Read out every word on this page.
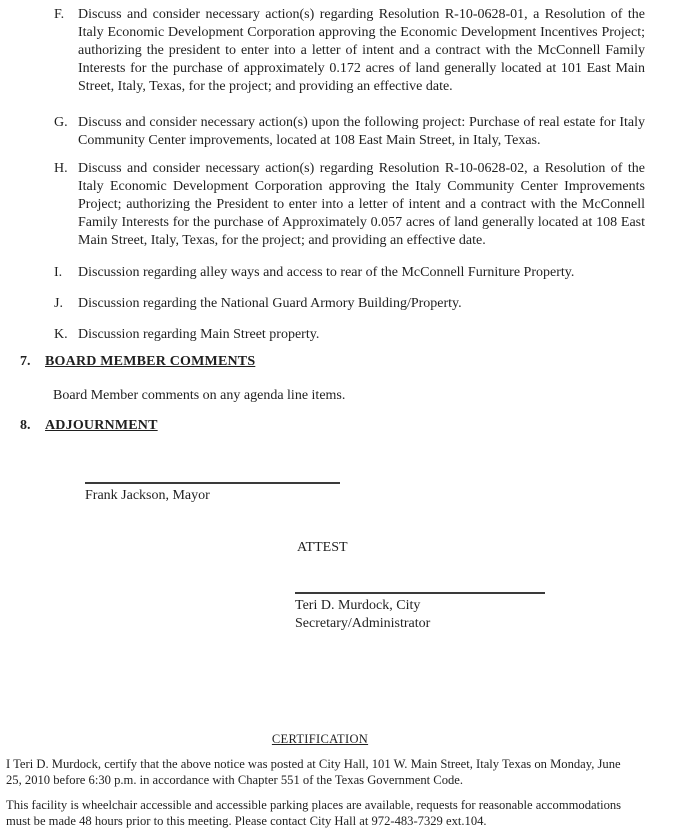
F. Discuss and consider necessary action(s) regarding Resolution R-10-0628-01, a Resolution of the Italy Economic Development Corporation approving the Economic Development Incentives Project; authorizing the president to enter into a letter of intent and a contract with the McConnell Family Interests for the purchase of approximately 0.172 acres of land generally located at 101 East Main Street, Italy, Texas, for the project; and providing an effective date.
G. Discuss and consider necessary action(s) upon the following project: Purchase of real estate for Italy Community Center improvements, located at 108 East Main Street, in Italy, Texas.
H. Discuss and consider necessary action(s) regarding Resolution R-10-0628-02, a Resolution of the Italy Economic Development Corporation approving the Italy Community Center Improvements Project; authorizing the President to enter into a letter of intent and a contract with the McConnell Family Interests for the purchase of Approximately 0.057 acres of land generally located at 108 East Main Street, Italy, Texas, for the project; and providing an effective date.
I.	Discussion regarding alley ways and access to rear of the McConnell Furniture Property.
J.	Discussion regarding the National Guard Armory Building/Property.
K. Discussion regarding Main Street property.
7.	BOARD MEMBER COMMENTS
Board Member comments on any agenda line items.
8.	ADJOURNMENT
Frank Jackson, Mayor
ATTEST
Teri D. Murdock, City Secretary/Administrator
CERTIFICATION
I Teri D. Murdock, certify that the above notice was posted at City Hall, 101 W. Main Street, Italy Texas on Monday, June 25, 2010 before 6:30 p.m. in accordance with Chapter 551 of the Texas Government Code.
This facility is wheelchair accessible and accessible parking places are available, requests for reasonable accommodations must be made 48 hours prior to this meeting. Please contact City Hall at 972-483-7329 ext.104.
